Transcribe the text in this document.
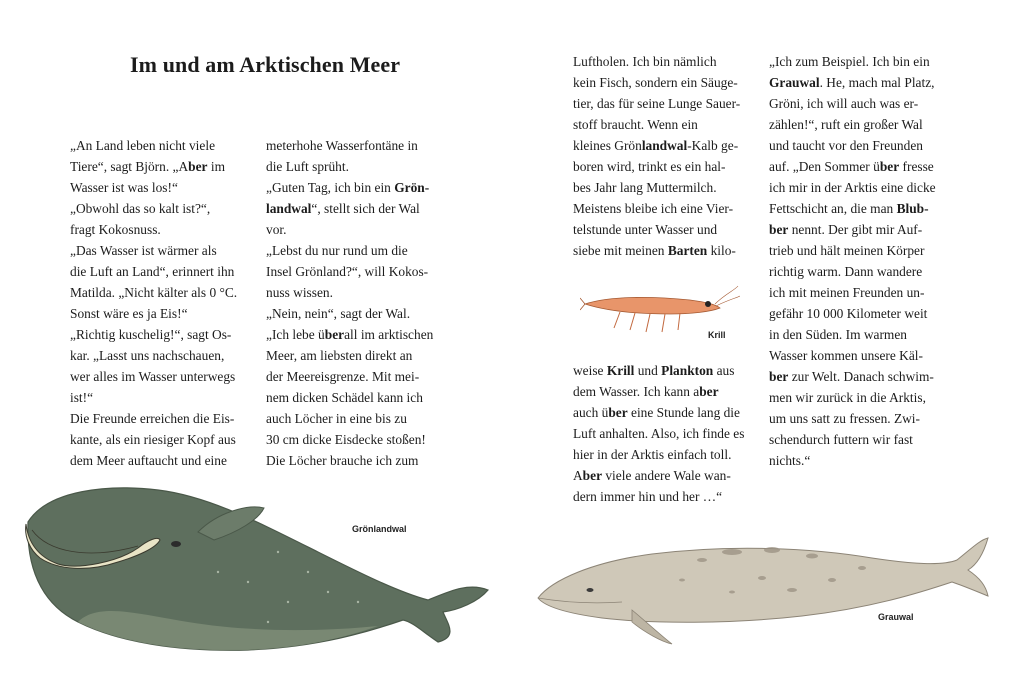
Im und am Arktischen Meer
„An Land leben nicht viele
Tiere“, sagt Björn. „Aber im
Wasser ist was los!“
„Obwohl das so kalt ist?“,
fragt Kokosnuss.
„Das Wasser ist wärmer als
die Luft an Land“, erinnert ihn
Matilda. „Nicht kälter als 0 °C.
Sonst wäre es ja Eis!“
„Richtig kuschelig!“, sagt Os-
kar. „Lasst uns nachschauen,
wer alles im Wasser unterwegs
ist!“
Die Freunde erreichen die Eis-
kante, als ein riesiger Kopf aus
dem Meer auftaucht und eine
meterhohe Wasserfontäne in
die Luft sprüht.
„Guten Tag, ich bin ein Grön-
landwal“, stellt sich der Wal
vor.
„Lebst du nur rund um die
Insel Grönland?“, will Kokos-
nuss wissen.
„Nein, nein“, sagt der Wal.
„Ich lebe überall im arktischen
Meer, am liebsten direkt an
der Meereisgrenze. Mit mei-
nem dicken Schädel kann ich
auch Löcher in eine bis zu
30 cm dicke Eisdecke stoßen!
Die Löcher brauche ich zum
Luftholen. Ich bin nämlich
kein Fisch, sondern ein Säuge-
tier, das für seine Lunge Sauer-
stoff braucht. Wenn ein
kleines Grönlandwal-Kalb ge-
boren wird, trinkt es ein hal-
bes Jahr lang Muttermilch.
Meistens bleibe ich eine Vier-
telstunde unter Wasser und
siebe mit meinen Barten kilo-
weise Krill und Plankton aus
dem Wasser. Ich kann aber
auch über eine Stunde lang die
Luft anhalten. Also, ich finde es
hier in der Arktis einfach toll.
Aber viele andere Wale wan-
dern immer hin und her …“
„Ich zum Beispiel. Ich bin ein
Grauwal. He, mach mal Platz,
Gröni, ich will auch was er-
zählen!“, ruft ein großer Wal
und taucht vor den Freunden
auf. „Den Sommer über fresse
ich mir in der Arktis eine dicke
Fettschicht an, die man Blub-
ber nennt. Der gibt mir Auf-
trieb und hält meinen Körper
richtig warm. Dann wandere
ich mit meinen Freunden un-
gefähr 10 000 Kilometer weit
in den Süden. Im warmen
Wasser kommen unsere Käl-
ber zur Welt. Danach schwim-
men wir zurück in die Arktis,
um uns satt zu fressen. Zwi-
schendurch futtern wir fast
nichts.“
Grönlandwal
Krill
Grauwal
